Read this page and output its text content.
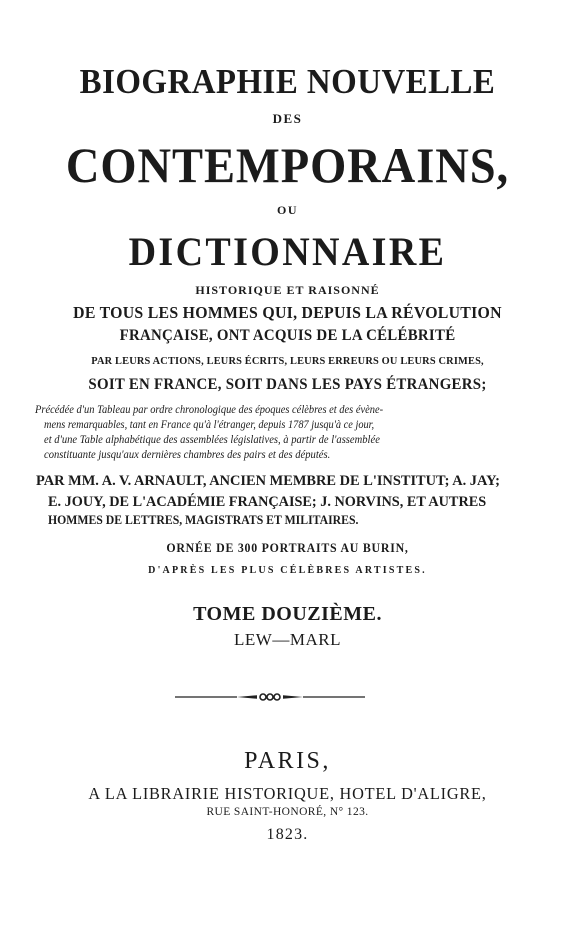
BIOGRAPHIE NOUVELLE
DES
CONTEMPORAINS,
OU
DICTIONNAIRE
HISTORIQUE ET RAISONNÉ
DE TOUS LES HOMMES QUI, DEPUIS LA RÉVOLUTION
FRANÇAISE, ONT ACQUIS DE LA CÉLÉBRITÉ
PAR LEURS ACTIONS, LEURS ÉCRITS, LEURS ERREURS OU LEURS CRIMES,
SOIT EN FRANCE, SOIT DANS LES PAYS ÉTRANGERS;
Précédée d'un Tableau par ordre chronologique des époques célèbres et des évène-
mens remarquables, tant en France qu'à l'étranger, depuis 1787 jusqu'à ce jour,
et d'une Table alphabétique des assemblées législatives, à partir de l'assemblée
constituante jusqu'aux dernières chambres des pairs et des députés.
PAR MM. A. V. ARNAULT, ANCIEN MEMBRE DE L'INSTITUT; A. JAY;
E. JOUY, DE L'ACADÉMIE FRANÇAISE; J. NORVINS, ET AUTRES
HOMMES DE LETTRES, MAGISTRATS ET MILITAIRES.
ORNÉE DE 300 PORTRAITS AU BURIN,
D'APRÈS LES PLUS CÉLÈBRES ARTISTES.
TOME DOUZIÈME.
LEW—MARL
PARIS,
A LA LIBRAIRIE HISTORIQUE, HOTEL D'ALIGRE,
RUE SAINT-HONORÉ, N° 123.
1823.
